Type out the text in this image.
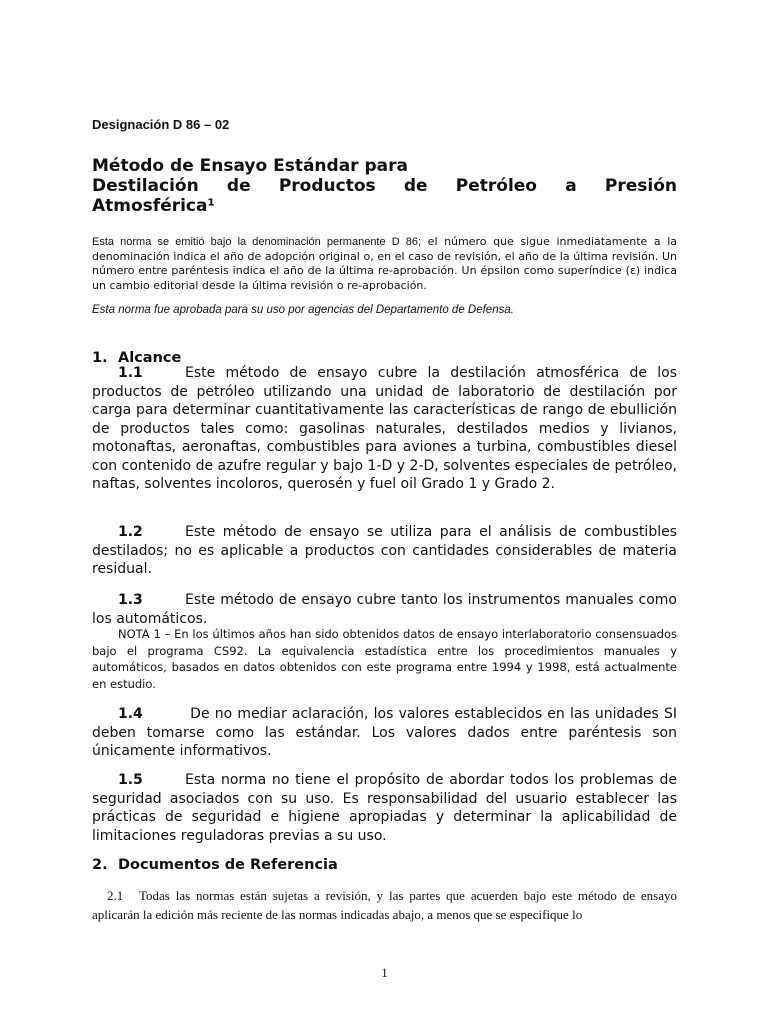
Designación D 86 – 02
Método de Ensayo Estándar para
Destilación de Productos de Petróleo a Presión
Atmosférica¹
Esta norma se emitió bajo la denominación permanente D 86; el número que sigue inmediatamente a la denominación indica el año de adopción original o, en el caso de revisión, el año de la última revisión. Un número entre paréntesis indica el año de la última re-aprobación. Un épsilon como superíndice (ε) indica un cambio editorial desde la última revisión o re-aprobación.
Esta norma fue aprobada para su uso por agencias del Departamento de Defensa.
1. Alcance
1.1	Este método de ensayo cubre la destilación atmosférica de los productos de petróleo utilizando una unidad de laboratorio de destilación por carga para determinar cuantitativamente las características de rango de ebullición de productos tales como: gasolinas naturales, destilados medios y livianos, motonaftas, aeronaftas, combustibles para aviones a turbina, combustibles diesel con contenido de azufre regular y bajo 1-D y 2-D, solventes especiales de petróleo, naftas, solventes incoloros, querosén y fuel oil Grado 1 y Grado 2.
1.2	Este método de ensayo se utiliza para el análisis de combustibles destilados; no es aplicable a productos con cantidades considerables de materia residual.
1.3	Este método de ensayo cubre tanto los instrumentos manuales como los automáticos.
NOTA 1 – En los últimos años han sido obtenidos datos de ensayo interlaboratorio consensuados bajo el programa CS92. La equivalencia estadística entre los procedimientos manuales y automáticos, basados en datos obtenidos con este programa entre 1994 y 1998, está actualmente en estudio.
1.4	De no mediar aclaración, los valores establecidos en las unidades SI deben tomarse como las estándar. Los valores dados entre paréntesis son únicamente informativos.
1.5	Esta norma no tiene el propósito de abordar todos los problemas de seguridad asociados con su uso. Es responsabilidad del usuario establecer las prácticas de seguridad e higiene apropiadas y determinar la aplicabilidad de limitaciones reguladoras previas a su uso.
2. Documentos de Referencia
2.1 Todas las normas están sujetas a revisión, y las partes que acuerden bajo este método de ensayo aplicarán la edición más reciente de las normas indicadas abajo, a menos que se especifique lo
1
